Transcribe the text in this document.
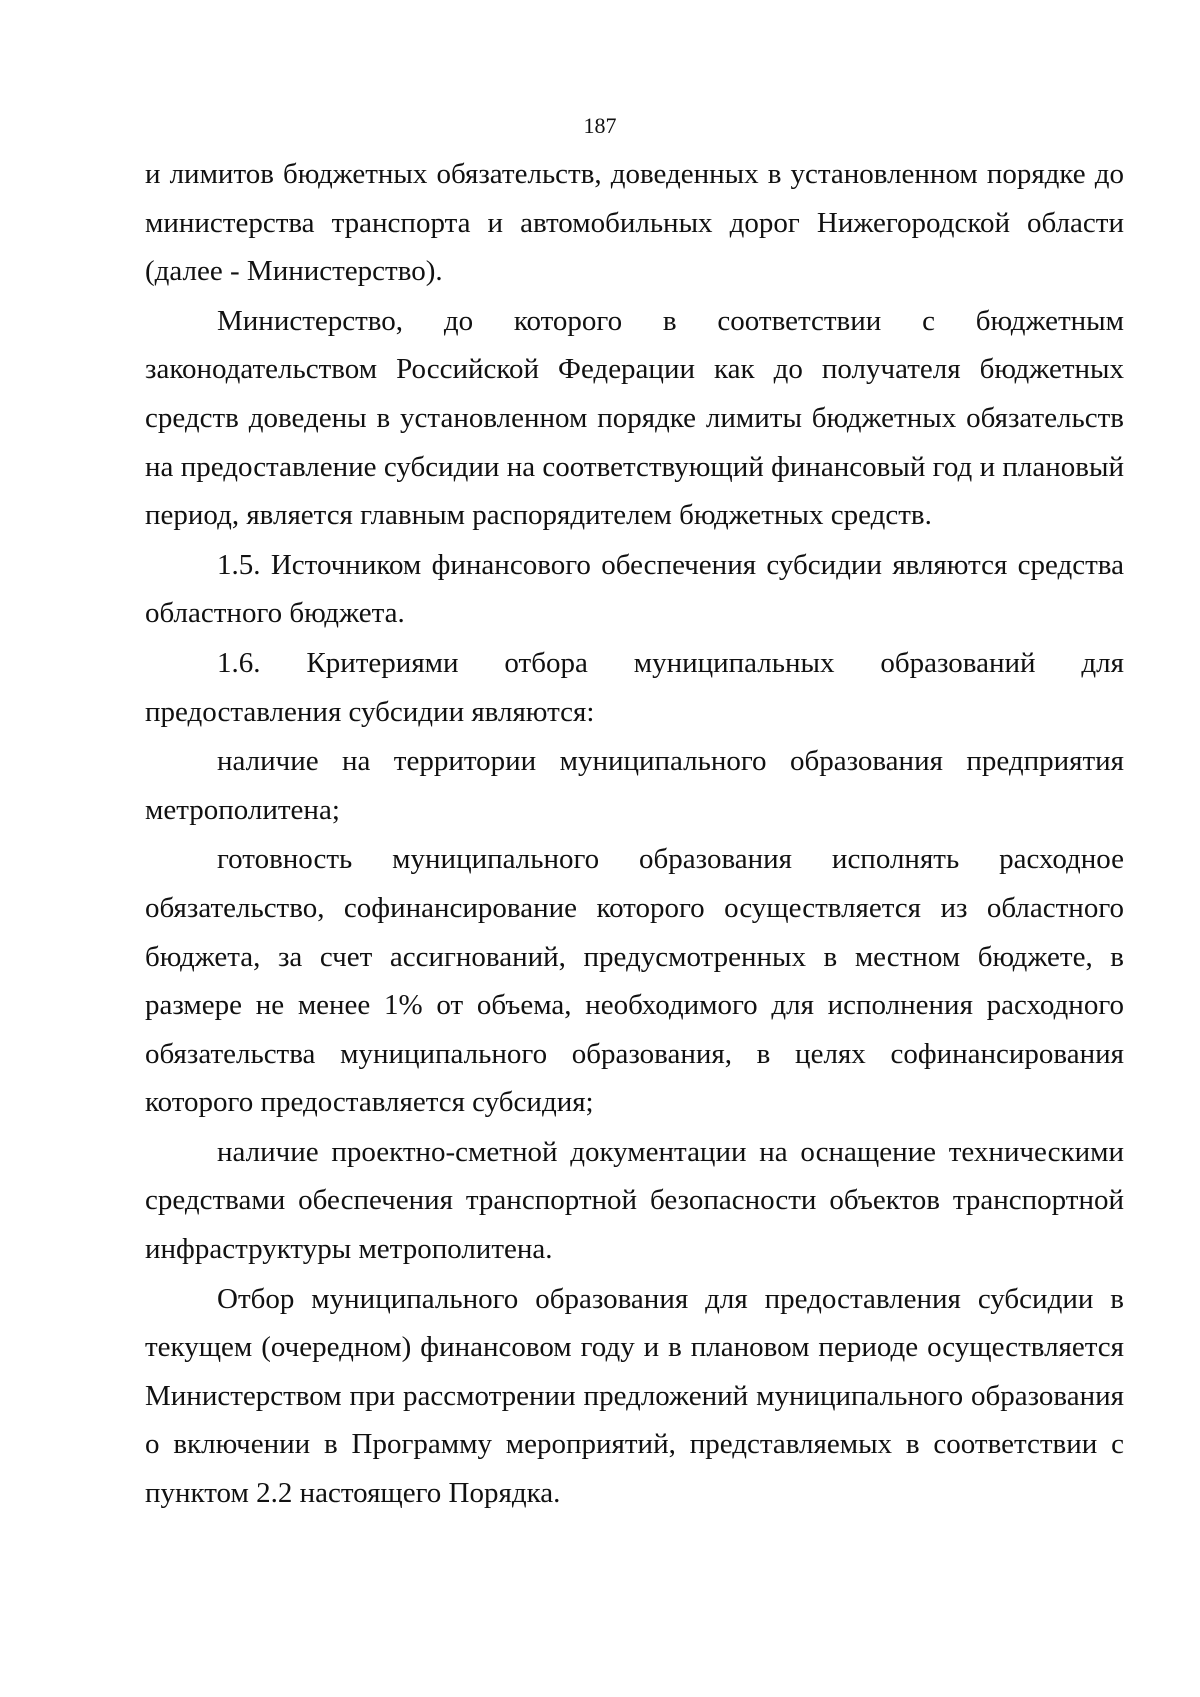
187

и лимитов бюджетных обязательств, доведенных в установленном порядке до министерства транспорта и автомобильных дорог Нижегородской области (далее - Министерство).

Министерство, до которого в соответствии с бюджетным законодательством Российской Федерации как до получателя бюджетных средств доведены в установленном порядке лимиты бюджетных обязательств на предоставление субсидии на соответствующий финансовый год и плановый период, является главным распорядителем бюджетных средств.

1.5. Источником финансового обеспечения субсидии являются средства областного бюджета.

1.6. Критериями отбора муниципальных образований для предоставления субсидии являются:

наличие на территории муниципального образования предприятия метрополитена;

готовность муниципального образования исполнять расходное обязательство, софинансирование которого осуществляется из областного бюджета, за счет ассигнований, предусмотренных в местном бюджете, в размере не менее 1% от объема, необходимого для исполнения расходного обязательства муниципального образования, в целях софинансирования которого предоставляется субсидия;

наличие проектно-сметной документации на оснащение техническими средствами обеспечения транспортной безопасности объектов транспортной инфраструктуры метрополитена.

Отбор муниципального образования для предоставления субсидии в текущем (очередном) финансовом году и в плановом периоде осуществляется Министерством при рассмотрении предложений муниципального образования о включении в Программу мероприятий, представляемых в соответствии с пунктом 2.2 настоящего Порядка.
